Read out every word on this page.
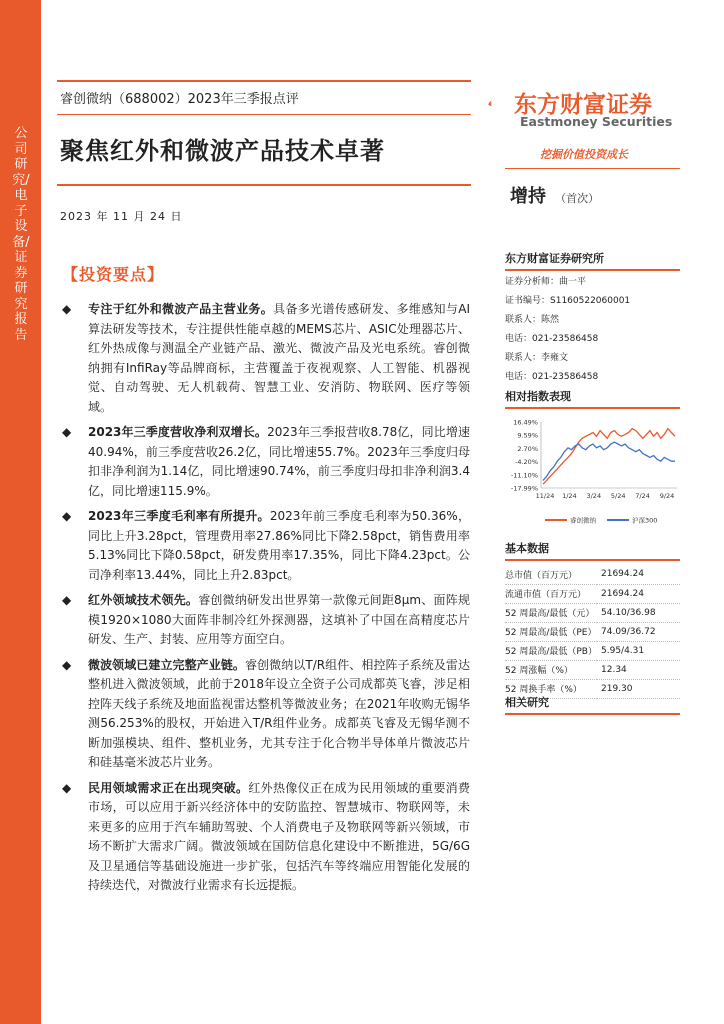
公司研究/电子设备/证券研究报告
睿创微纳（688002）2023年三季报点评
聚焦红外和微波产品技术卓著
2023 年 11 月 24 日
东方财富证券
Eastmoney Securities
挖掘价值投资成长
增持 （首次）
【投资要点】
◆ 专注于红外和微波产品主营业务。具备多光谱传感研发、多维感知与AI算法研发等技术，专注提供性能卓越的MEMS芯片、ASIC处理器芯片、红外热成像与测温全产业链产品、激光、微波产品及光电系统。睿创微纳拥有InfiRay等品牌商标，主营覆盖于夜视观察、人工智能、机器视觉、自动驾驶、无人机载荷、智慧工业、安消防、物联网、医疗等领域。
◆ 2023年三季度营收净利双增长。2023年三季报营收8.78亿，同比增速40.94%，前三季度营收26.2亿，同比增速55.7%。2023年三季度归母扣非净利润为1.14亿，同比增速90.74%，前三季度归母扣非净利润3.4亿，同比增速115.9%。
◆ 2023年三季度毛利率有所提升。2023年前三季度毛利率为50.36%，同比上升3.28pct，管理费用率27.86%同比下降2.58pct，销售费用率5.13%同比下降0.58pct，研发费用率17.35%，同比下降4.23pct。公司净利率13.44%，同比上升2.83pct。
◆ 红外领域技术领先。睿创微纳研发出世界第一款像元间距8μm、面阵规模1920×1080大面阵非制冷红外探测器，这填补了中国在高精度芯片研发、生产、封装、应用等方面空白。
◆ 微波领域已建立完整产业链。睿创微纳以T/R组件、相控阵子系统及雷达整机进入微波领域，此前于2018年设立全资子公司成都英飞睿，涉足相控阵天线子系统及地面监视雷达整机等微波业务；在2021年收购无锡华测56.253%的股权，开始进入T/R组件业务。成都英飞睿及无锡华测不断加强模块、组件、整机业务，尤其专注于化合物半导体单片微波芯片和硅基毫米波芯片业务。
◆ 民用领域需求正在出现突破。红外热像仪正在成为民用领域的重要消费市场，可以应用于新兴经济体中的安防监控、智慧城市、物联网等，未来更多的应用于汽车辅助驾驶、个人消费电子及物联网等新兴领域，市场不断扩大需求广阔。微波领域在国防信息化建设中不断推进，5G/6G及卫星通信等基础设施进一步扩张，包括汽车等终端应用智能化发展的持续迭代，对微波行业需求有长远提振。
东方财富证券研究所
证券分析师：曲一平
证书编号：S1160522060001
联系人：陈然
电话：021-23586458
联系人：李雍文
电话：021-23586458
相对指数表现
16.49%
9.59%
2.70%
-4.20%
-11.10%
-17.99%
11/24 1/24 3/24 5/24 7/24 9/24
睿创微纳	沪深300
基本数据
总市值（百万元）	21694.24
流通市值（百万元）	21694.24
52 周最高/最低（元）	54.10/36.98
52 周最高/最低（PE）	74.09/36.72
52 周最高/最低（PB）	5.95/4.31
52 周涨幅（%）	12.34
52 周换手率（%）	219.30
相关研究
